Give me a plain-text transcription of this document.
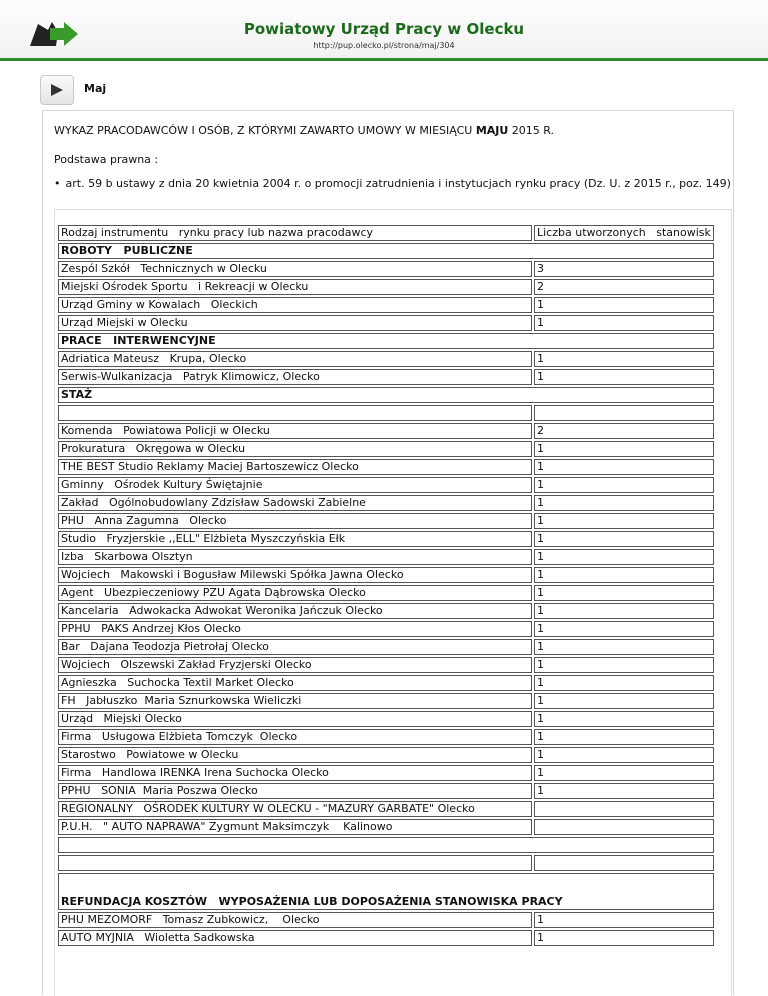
Powiatowy Urząd Pracy w Olecku
http://pup.olecko.pl/strona/maj/304
Maj
WYKAZ PRACODAWCÓW I OSÓB, Z KTÓRYMI ZAWARTO UMOWY W MIESIĄCU MAJU 2015 R.
Podstawa prawna :
• art. 59 b ustawy z dnia 20 kwietnia 2004 r. o promocji zatrudnienia i instytucjach rynku pracy (Dz. U. z 2015 r., poz. 149)
Rodzaj instrumentu   rynku pracy lub nazwa pracodawcy	Liczba utworzonych   stanowisk
ROBOTY   PUBLICZNE	
Zespól Szkół   Technicznych w Olecku	3
Miejski Ośrodek Sportu   i Rekreacji w Olecku	2
Urząd Gminy w Kowalach   Oleckich	1
Urząd Miejski w Olecku	1
PRACE   INTERWENCYJNE	
Adriatica Mateusz   Krupa, Olecko	1
Serwis-Wulkanizacja   Patryk Klimowicz, Olecko	1
STAŻ	

Komenda   Powiatowa Policji w Olecku	2
Prokuratura   Okręgowa w Olecku	1
THE BEST Studio Reklamy Maciej Bartoszewicz Olecko	1
Gminny   Ośrodek Kultury Świętajnie	1
Zakład   Ogólnobudowlany Zdzisław Sadowski Zabielne	1
PHU   Anna Zagumna   Olecko	1
Studio   Fryzjerskie ,,ELL" Elżbieta Myszczyńskia Ełk	1
Izba   Skarbowa Olsztyn	1
Wojciech   Makowski i Bogusław Milewski Spółka Jawna Olecko	1
Agent   Ubezpieczeniowy PZU Agata Dąbrowska Olecko	1
Kancelaria   Adwokacka Adwokat Weronika Jańczuk Olecko	1
PPHU   PAKS Andrzej Kłos Olecko	1
Bar   Dajana Teodozja Pietrołaj Olecko	1
Wojciech   Olszewski Zakład Fryzjerski Olecko	1
Agnieszka   Suchocka Textil Market Olecko	1
FH   Jabłuszko  Maria Sznurkowska Wieliczki	1
Urząd   Miejski Olecko	1
Firma   Usługowa Elżbieta Tomczyk  Olecko	1
Starostwo   Powiatowe w Olecku	1
Firma   Handlowa IRENKA Irena Suchocka Olecko	1
PPHU   SONIA  Maria Poszwa Olecko	1
REGIONALNY   OŚRODEK KULTURY W OLECKU - "MAZURY GARBATE" Olecko	
P.U.H.   " AUTO NAPRAWA" Zygmunt Maksimczyk    Kalinowo	

REFUNDACJA KOSZTÓW   WYPOSAŻENIA LUB DOPOSAŻENIA STANOWISKA PRACY	
PHU MEZOMORF   Tomasz Zubkowicz,    Olecko	1
AUTO MYJNIA   Wioletta Sadkowska	1
